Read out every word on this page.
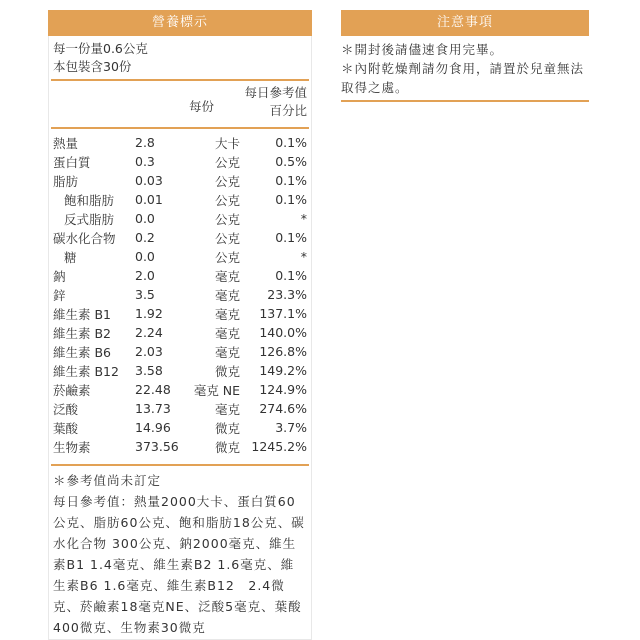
營養標示
每一份量0.6公克
本包裝含30份
每份
每日參考值
百分比
熱量	2.8	大卡	0.1%
蛋白質	0.3	公克	0.5%
脂肪	0.03	公克	0.1%
飽和脂肪	0.01	公克	0.1%
反式脂肪	0.0	公克	*
碳水化合物	0.2	公克	0.1%
糖	0.0	公克	*
鈉	2.0	毫克	0.1%
鋅	3.5	毫克	23.3%
維生素 B1	1.92	毫克	137.1%
維生素 B2	2.24	毫克	140.0%
維生素 B6	2.03	毫克	126.8%
維生素 B12	3.58	微克	149.2%
菸鹼素	22.48	毫克 NE	124.9%
泛酸	13.73	毫克	274.6%
葉酸	14.96	微克	3.7%
生物素	373.56	微克	1245.2%
＊參考值尚未訂定
每日參考值：熱量2000大卡、蛋白質60公克、脂肪60公克、飽和脂肪18公克、碳水化合物 300公克、鈉2000毫克、維生素B1 1.4毫克、維生素B2 1.6毫克、維生素B6 1.6毫克、維生素B12　2.4微克、菸鹼素18毫克NE、泛酸5毫克、葉酸400微克、生物素30微克
注意事項
＊開封後請儘速食用完畢。
＊內附乾燥劑請勿食用，請置於兒童無法取得之處。
